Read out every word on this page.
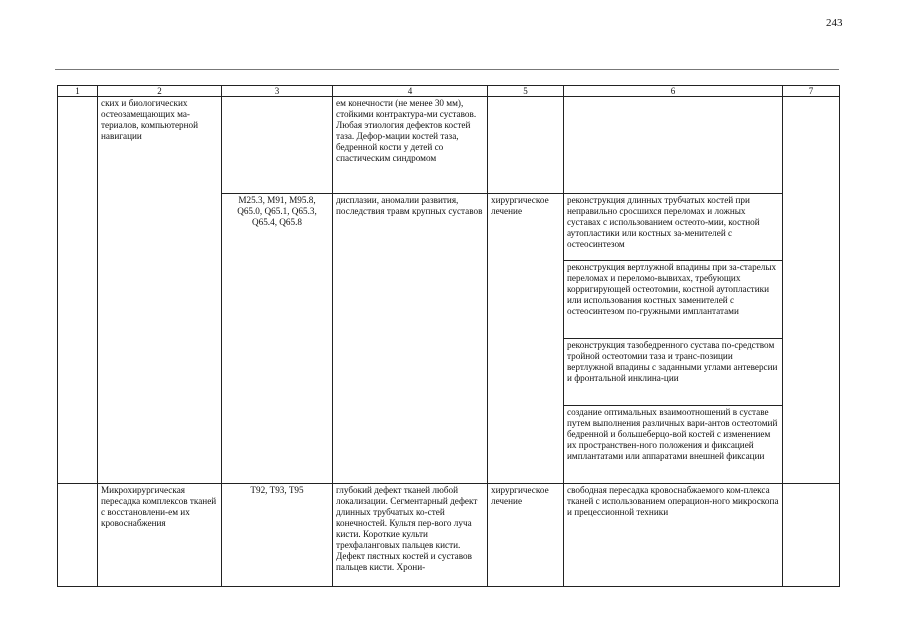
243
1	2	3	4	5	6	7
	ских и биологических остеозамещающих ма-териалов, компьютерной навигации		ем конечности (не менее 30 мм), стойкими контрактура-ми суставов. Любая этиология дефектов костей таза. Дефор-мации костей таза, бедренной кости у детей со спастическим синдромом			
		M25.3, M91, M95.8, Q65.0, Q65.1, Q65.3, Q65.4, Q65.8	дисплазии, аномалии развития, последствия травм крупных суставов	хирургическое лечение	реконструкция длинных трубчатых костей при неправильно сросшихся переломах и ложных суставах с использованием остеото-мии, костной аутопластики или костных за-менителей с остеосинтезом	
					реконструкция вертлужной впадины при за-старелых переломах и переломо-вывихах, требующих корригирующей остеотомии, костной аутопластики или использования костных заменителей с остеосинтезом по-гружными имплантатами	
					реконструкция тазобедренного сустава по-средством тройной остеотомии таза и транс-позиции вертлужной впадины с заданными углами антеверсии и фронтальной инклина-ции	
					создание оптимальных взаимоотношений в суставе путем выполнения различных вари-антов остеотомий бедренной и большеберцо-вой костей с изменением их пространствен-ного положения и фиксацией имплантатами или аппаратами внешней фиксации	
	Микрохирургическая пересадка комплексов тканей с восстановлени-ем их кровоснабжения	T92, T93, T95	глубокий дефект тканей любой локализации. Сегментарный дефект длинных трубчатых ко-стей конечностей. Культя пер-вого луча кисти. Короткие культи трехфаланговых пальцев кисти. Дефект пястных костей и суставов пальцев кисти. Хрони-	хирургическое лечение	свободная пересадка кровоснабжаемого ком-плекса тканей с использованием операцион-ного микроскопа и прецессионной техники	
